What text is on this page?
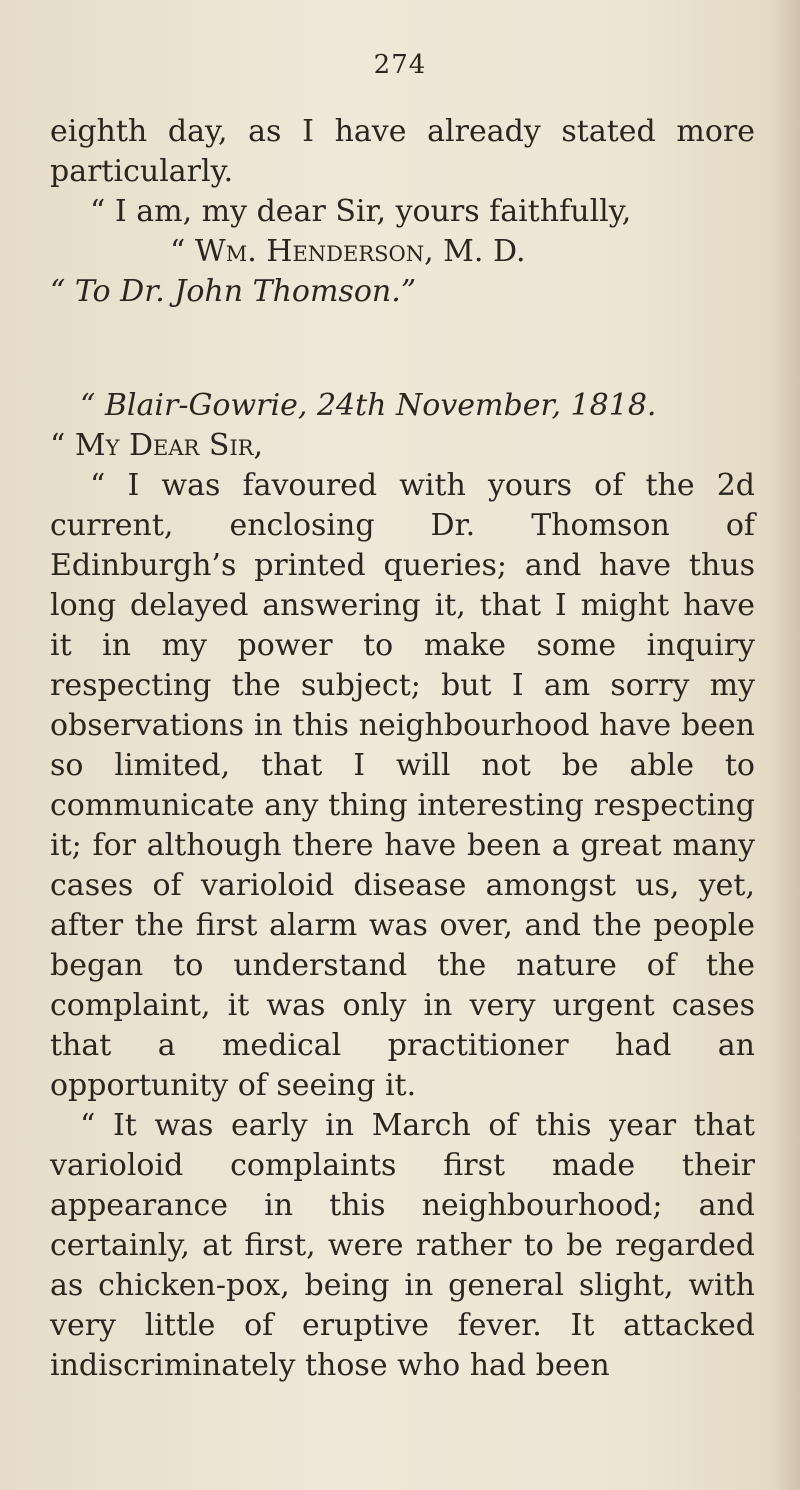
274

eighth day, as I have already stated more particularly.

“ I am, my dear Sir, yours faithfully,

“ Wm. Henderson, M. D.

“ To Dr. John Thomson.”

“ Blair-Gowrie, 24th November, 1818.

“ My Dear Sir,

“ I was favoured with yours of the 2d current, enclosing Dr. Thomson of Edinburgh’s printed queries; and have thus long delayed answering it, that I might have it in my power to make some inquiry respecting the subject; but I am sorry my observations in this neighbourhood have been so limited, that I will not be able to communicate any thing interesting respecting it; for although there have been a great many cases of varioloid disease amongst us, yet, after the first alarm was over, and the people began to understand the nature of the complaint, it was only in very urgent cases that a medical practitioner had an opportunity of seeing it.

“ It was early in March of this year that varioloid complaints first made their appearance in this neighbourhood; and certainly, at first, were rather to be regarded as chicken-pox, being in general slight, with very little of eruptive fever. It attacked indiscriminately those who had been
